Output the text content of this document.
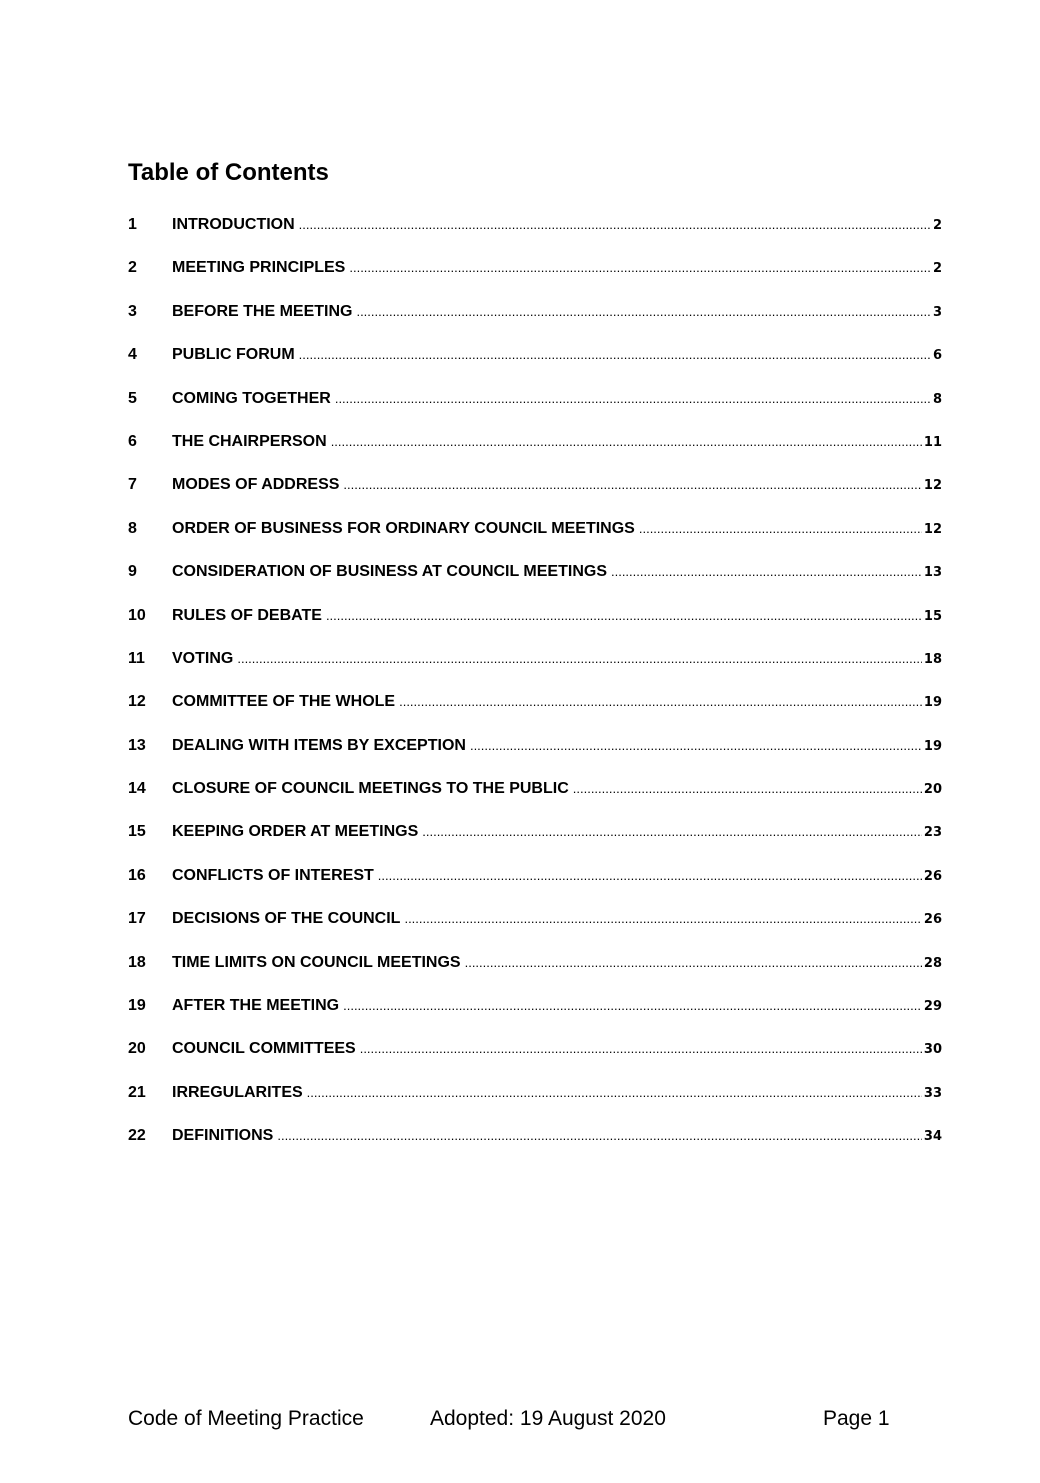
Table of Contents
1	INTRODUCTION .....	2
2	MEETING PRINCIPLES .....	2
3	BEFORE THE MEETING .....	3
4	PUBLIC FORUM .....	6
5	COMING TOGETHER .....	8
6	THE CHAIRPERSON .....	11
7	MODES OF ADDRESS .....	12
8	ORDER OF BUSINESS FOR ORDINARY COUNCIL MEETINGS .....	12
9	CONSIDERATION OF BUSINESS AT COUNCIL MEETINGS .....	13
10	RULES OF DEBATE .....	15
11	VOTING .....	18
12	COMMITTEE OF THE WHOLE .....	19
13	DEALING WITH ITEMS BY EXCEPTION .....	19
14	CLOSURE OF COUNCIL MEETINGS TO THE PUBLIC .....	20
15	KEEPING ORDER AT MEETINGS .....	23
16	CONFLICTS OF INTEREST .....	26
17	DECISIONS OF THE COUNCIL .....	26
18	TIME LIMITS ON COUNCIL MEETINGS .....	28
19	AFTER THE MEETING .....	29
20	COUNCIL COMMITTEES .....	30
21	IRREGULARITES .....	33
22	DEFINITIONS .....	34
Code of Meeting Practice	Adopted: 19 August 2020	Page 1
